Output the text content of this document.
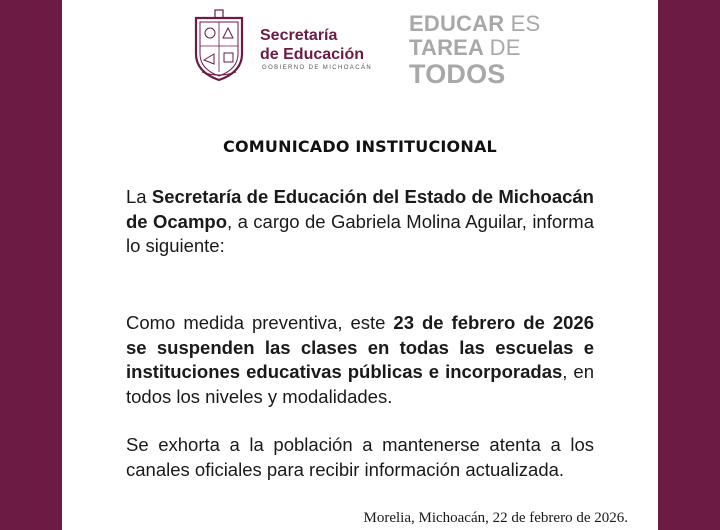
Secretaría
de Educación
GOBIERNO DE MICHOACÁN
EDUCAR ES
TAREA DE
TODOS
COMUNICADO INSTITUCIONAL
La Secretaría de Educación del Estado de Michoacán de Ocampo, a cargo de Gabriela Molina Aguilar, informa lo siguiente:
Como medida preventiva, este 23 de febrero de 2026 se suspenden las clases en todas las escuelas e instituciones educativas públicas e incorporadas, en todos los niveles y modalidades.
Se exhorta a la población a mantenerse atenta a los canales oficiales para recibir información actualizada.
Morelia, Michoacán, 22 de febrero de 2026.
